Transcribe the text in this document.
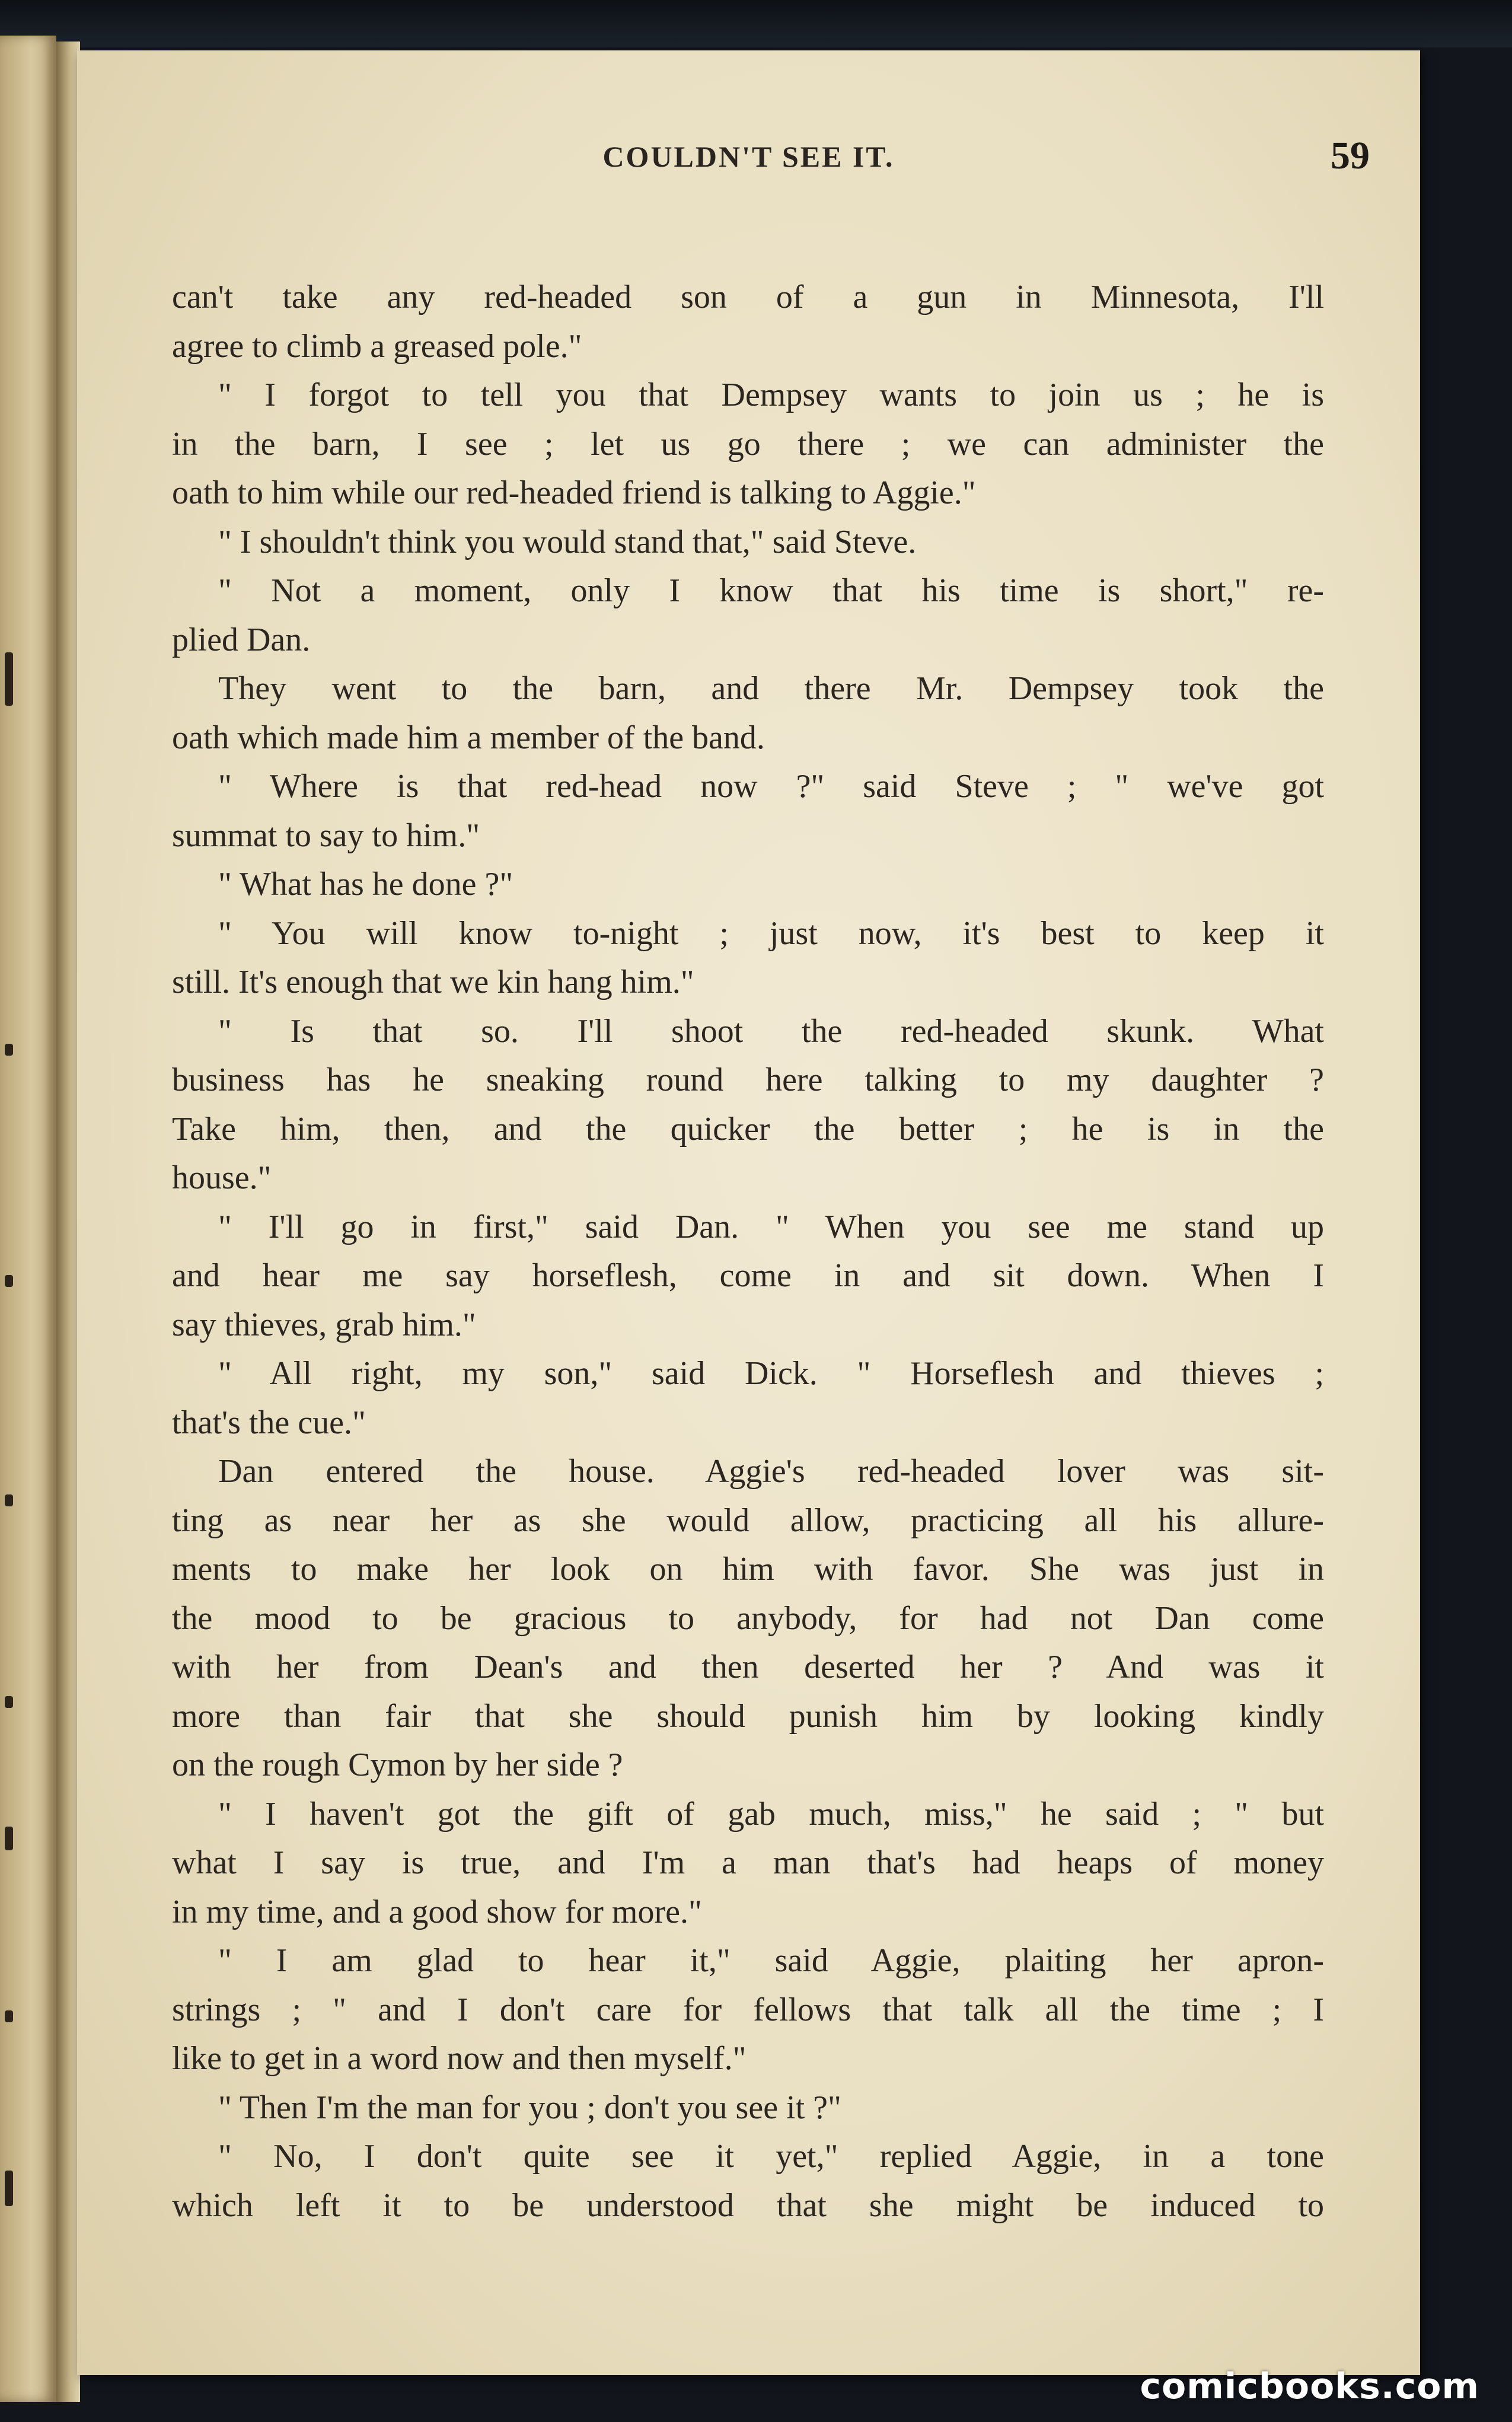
COULDN'T SEE IT.	59
can't take any red-headed son of a gun in Minnesota, I'll
agree to climb a greased pole."
" I forgot to tell you that Dempsey wants to join us ; he is
in the barn, I see ; let us go there ; we can administer the
oath to him while our red-headed friend is talking to Aggie."
" I shouldn't think you would stand that," said Steve.
" Not a moment, only I know that his time is short," re-
plied Dan.
They went to the barn, and there Mr. Dempsey took the
oath which made him a member of the band.
" Where is that red-head now ?" said Steve ; " we've got
summat to say to him."
" What has he done ?"
" You will know to-night ; just now, it's best to keep it
still. It's enough that we kin hang him."
" Is that so. I'll shoot the red-headed skunk. What
business has he sneaking round here talking to my daughter ?
Take him, then, and the quicker the better ; he is in the
house."
" I'll go in first," said Dan. " When you see me stand up
and hear me say horseflesh, come in and sit down. When I
say thieves, grab him."
" All right, my son," said Dick. " Horseflesh and thieves ;
that's the cue."
Dan entered the house. Aggie's red-headed lover was sit-
ting as near her as she would allow, practicing all his allure-
ments to make her look on him with favor. She was just in
the mood to be gracious to anybody, for had not Dan come
with her from Dean's and then deserted her ? And was it
more than fair that she should punish him by looking kindly
on the rough Cymon by her side ?
" I haven't got the gift of gab much, miss," he said ; " but
what I say is true, and I'm a man that's had heaps of money
in my time, and a good show for more."
" I am glad to hear it," said Aggie, plaiting her apron-
strings ; " and I don't care for fellows that talk all the time ; I
like to get in a word now and then myself."
" Then I'm the man for you ; don't you see it ?"
" No, I don't quite see it yet," replied Aggie, in a tone
which left it to be understood that she might be induced to
comicbooks.com
